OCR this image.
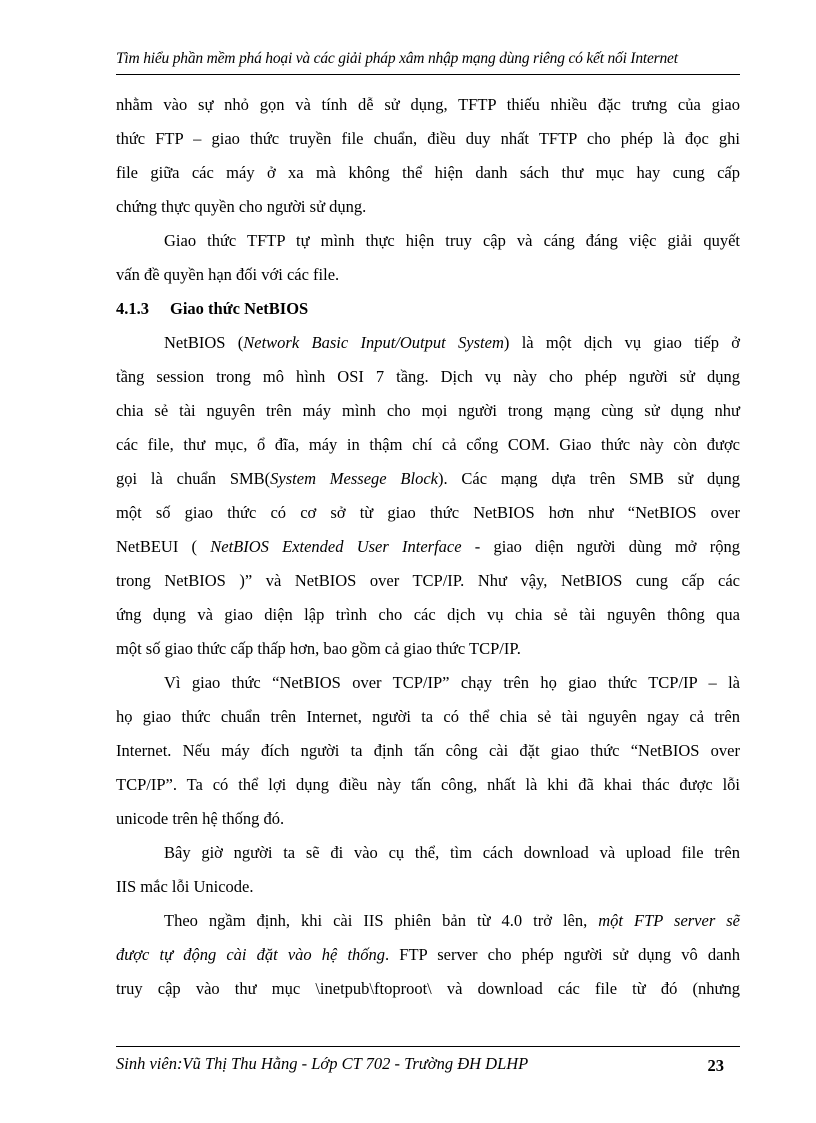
Tìm hiểu phần mềm phá hoại và các giải pháp xâm nhập mạng dùng riêng có kết nối Internet

nhằm vào sự nhỏ gọn và tính dễ sử dụng, TFTP thiếu nhiều đặc trưng của giao

thức FTP – giao thức truyền file chuẩn, điều duy nhất TFTP cho phép là đọc ghi

file giữa các máy ở xa mà không thể hiện danh sách thư mục hay cung cấp

chứng thực quyền cho người sử dụng.

Giao thức TFTP tự mình thực hiện truy cập và cáng đáng việc giải quyết

vấn đề quyền hạn đối với các file.

4.1.3 Giao thức NetBIOS

NetBIOS (Network Basic Input/Output System) là một dịch vụ giao tiếp ở

tầng session trong mô hình OSI 7 tầng. Dịch vụ này cho phép người sử dụng

chia sẻ tài nguyên trên máy mình cho mọi người trong mạng cùng sử dụng như

các file, thư mục, ổ đĩa, máy in thậm chí cả cổng COM. Giao thức này còn được

gọi là chuẩn SMB(System Messege Block). Các mạng dựa trên SMB sử dụng

một số giao thức có cơ sở từ giao thức NetBIOS hơn như “NetBIOS over

NetBEUI ( NetBIOS Extended User Interface - giao diện người dùng mở rộng

trong NetBIOS )” và NetBIOS over TCP/IP. Như vậy, NetBIOS cung cấp các

ứng dụng và giao diện lập trình cho các dịch vụ chia sẻ tài nguyên thông qua

một số giao thức cấp thấp hơn, bao gồm cả giao thức TCP/IP.

Vì giao thức “NetBIOS over TCP/IP” chạy trên họ giao thức TCP/IP – là

họ giao thức chuẩn trên Internet, người ta có thể chia sẻ tài nguyên ngay cả trên

Internet. Nếu máy đích người ta định tấn công cài đặt giao thức “NetBIOS over

TCP/IP”. Ta có thể lợi dụng điều này tấn công, nhất là khi đã khai thác được lỗi

unicode trên hệ thống đó.

Bây giờ người ta sẽ đi vào cụ thể, tìm cách download và upload file trên

IIS mắc lỗi Unicode.

Theo ngầm định, khi cài IIS phiên bản từ 4.0 trở lên, một FTP server sẽ

được tự động cài đặt vào hệ thống. FTP server cho phép người sử dụng vô danh

truy cập vào thư mục \inetpub\ftoproot\ và download các file từ đó (nhưng

Sinh viên:Vũ Thị Thu Hằng - Lớp CT 702 - Trường ĐH DLHP	23
